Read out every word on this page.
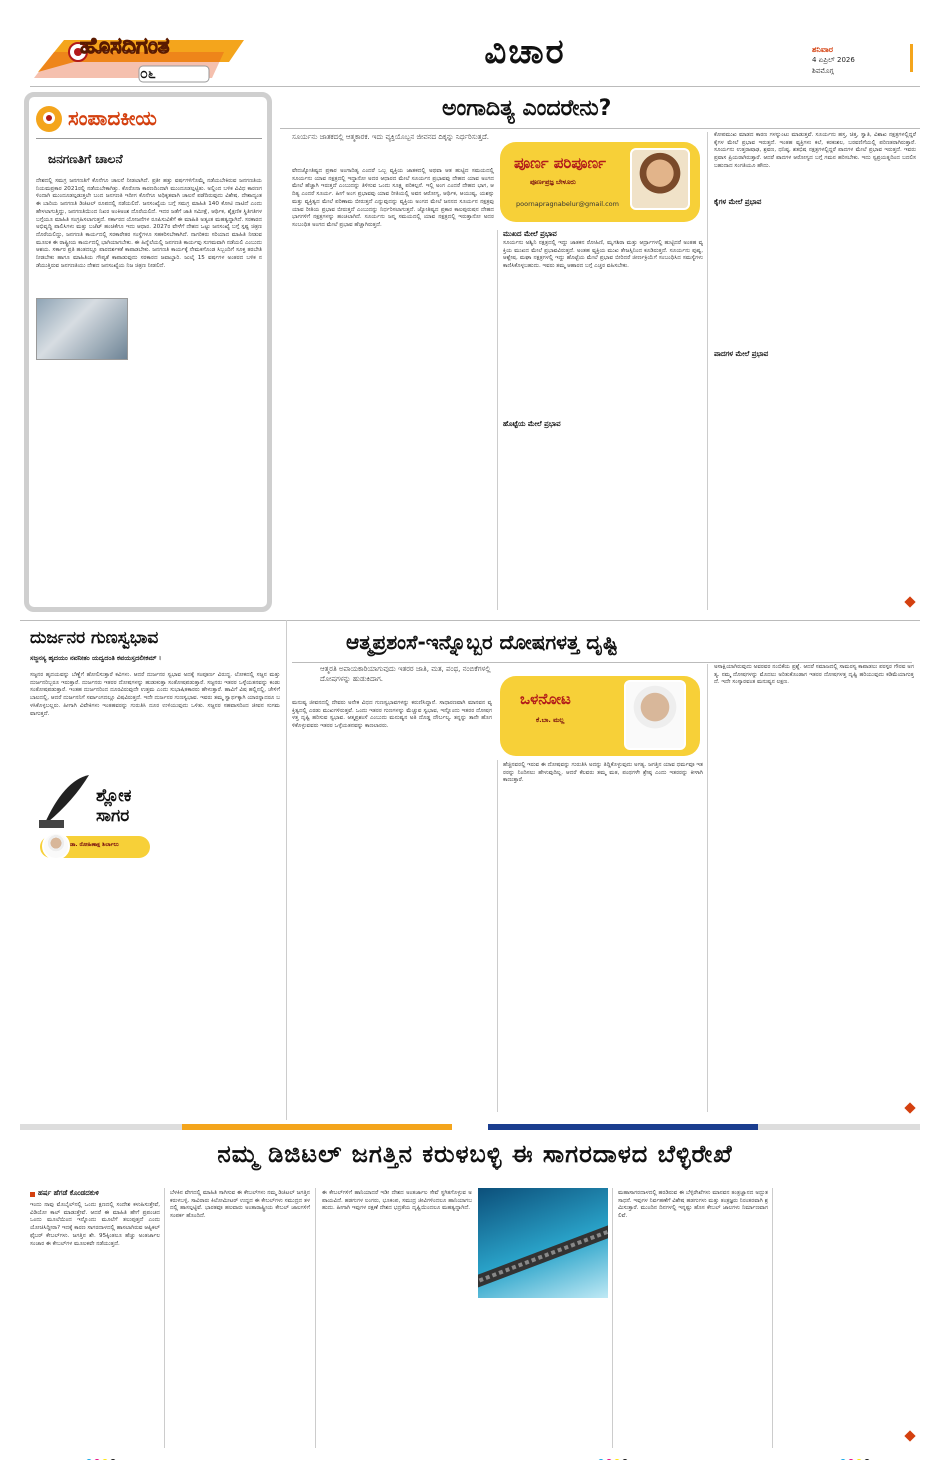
ಹೊಸದಿಗಂತ
೦೬
ವಿಚಾರ	ಶನಿವಾರ
4 ಏಪ್ರಿಲ್ 2026
ಶಿವಮೊಗ್ಗ
ಸಂಪಾದಕೀಯ
ಜನಗಣತಿಗೆ ಚಾಲನೆ
ದೇಶದಲ್ಲಿ ಸಮಗ್ರ ಜನಗಣತಿಗೆ ಕೊನೆಗೂ ಚಾಲನೆ ನೀಡಲಾಗಿದೆ. ಪ್ರತೀ ಹತ್ತು ವರ್ಷಗಳಿಗೊಮ್ಮೆ ನಡೆಯಬೇಕಿರುವ ಜನಗಣತಿಯ ನಿಯಮಪ್ರಕಾರ 2021ರಲ್ಲಿ ನಡೆಯಬೇಕಾಗಿತ್ತು. ಕೊರೊನಾ ಕಾರಣದಿಂದಾಗಿ ಮುಂದೂಡಲ್ಪಟ್ಟಿತು. ಅಲ್ಲಿಂದ ಬಳಿಕ ವಿವಿಧ ಕಾರಣಗಳಿಂದಾಗಿ ಮುಂದೂಡಲ್ಪಡುತ್ತಲೇ ಬಂದ ಜನಗಣತಿ ಇದೀಗ ಕೊನೆಗೂ ಅಧಿಕೃತವಾಗಿ ಚಾಲನೆ ಪಡೆದಿರುವುದು ವಿಶೇಷ. ದೇಶಾದ್ಯಂತ ಈ ಬಾರಿಯ ಜನಗಣತಿ ಡಿಜಿಟಲ್ ರೂಪದಲ್ಲಿ ನಡೆಯಲಿದೆ. ಜನಸಂಖ್ಯೆಯ ಬಗ್ಗೆ ಸಮಗ್ರ ಮಾಹಿತಿ 140 ಕೋಟಿ ದಾಟಿದೆ ಎಂದು ಹೇಳಲಾಗುತ್ತಿದ್ದು, ಜನಗಣತಿಯಿಂದ ನಿಖರ ಅಂಕಿಅಂಶ ದೊರೆಯಲಿದೆ. ಇದರ ಜತೆಗೆ ಜಾತಿ ಸಮೀಕ್ಷೆ, ಆರ್ಥಿಕ, ಶೈಕ್ಷಣಿಕ ಸ್ಥಿತಿಗತಿಗಳ ಬಗ್ಗೆಯೂ ಮಾಹಿತಿ ಸಂಗ್ರಹಿಸಲಾಗುತ್ತದೆ. ಸರ್ಕಾರದ ಯೋಜನೆಗಳ ರೂಪಿಸುವಿಕೆಗೆ ಈ ಮಾಹಿತಿ ಅತ್ಯಂತ ಮಹತ್ವದ್ದಾಗಿದೆ. ಸರಕಾರದ ಅಭಿವೃದ್ಧಿ ಪಾಲಿಸಿಗಳು ಮತ್ತು ಬಜೆಟ್ ಹಂಚಿಕೆಗೂ ಇದು ಆಧಾರ. 2027ರ ವೇಳೆಗೆ ದೇಶದ ಒಟ್ಟು ಜನಸಂಖ್ಯೆ ಬಗ್ಗೆ ಸ್ಪಷ್ಟ ಚಿತ್ರಣ ದೊರೆಯಲಿದ್ದು, ಜನಗಣತಿ ಕಾರ್ಯದಲ್ಲಿ ಸರಕಾರೇತರ ಸಂಸ್ಥೆಗಳೂ ಸಹಕರಿಸಬೇಕಾಗಿದೆ. ನಾಗರಿಕರು ಸರಿಯಾದ ಮಾಹಿತಿ ನೀಡುವ ಮೂಲಕ ಈ ರಾಷ್ಟ್ರೀಯ ಕಾರ್ಯದಲ್ಲಿ ಭಾಗಿಯಾಗಬೇಕು. ಈ ಹಿನ್ನೆಲೆಯಲ್ಲಿ ಜನಗಣತಿ ಕಾರ್ಯವು ಸುಗಮವಾಗಿ ನಡೆಯಲಿ ಎಂಬುದು ಆಶಯ. ಸರ್ಕಾರ ಪ್ರತಿ ಹಂತದಲ್ಲೂ ಪಾರದರ್ಶಕತೆ ಕಾಪಾಡಬೇಕು. ಜನಗಣತಿ ಕಾರ್ಯಕ್ಕೆ ನೇಮಕಗೊಂಡ ಸಿಬ್ಬಂದಿಗೆ ಸೂಕ್ತ ತರಬೇತಿ ನೀಡಬೇಕು ಹಾಗೂ ಮಾಹಿತಿಯ ಗೌಪ್ಯತೆ ಕಾಪಾಡುವುದು ಸರಕಾರದ ಜವಾಬ್ದಾರಿ. ಜುಲೈ 15 ವರ್ಷಗಳ ಅಂತರದ ಬಳಿಕ ನಡೆಯುತ್ತಿರುವ ಜನಗಣತಿಯು ದೇಶದ ಜನಸಂಖ್ಯೆಯ ನಿಜ ಚಿತ್ರಣ ನೀಡಲಿದೆ.
ಅಂಗಾದಿತ್ಯ ಎಂದರೇನು?
ಸೂರ್ಯನು ಜಾತಕದಲ್ಲಿ ಆತ್ಮಕಾರಕ. ಇದು ವ್ಯಕ್ತಿಯೊಬ್ಬನ ಜೀವನದ ದಿಕ್ಕನ್ನು ನಿರ್ಧರಿಸುತ್ತದೆ.
ಪೂರ್ಣ ಪರಿಪೂರ್ಣ
ಪೂರ್ಣಪ್ರಜ್ಞ ಬೇಳೂರು
poornapragnabelur@gmail.com
ವೇದಜ್ಯೋತಿಷ್ಯದ ಪ್ರಕಾರ ಅಂಗಾದಿತ್ಯ ಎಂದರೆ ಒಬ್ಬ ವ್ಯಕ್ತಿಯ ಜಾತಕದಲ್ಲಿ ಅಥವಾ ಆತ ಹುಟ್ಟಿದ ಸಮಯದಲ್ಲಿ ಸೂರ್ಯನು ಯಾವ ನಕ್ಷತ್ರದಲ್ಲಿ ಇದ್ದಾನೋ ಅದರ ಆಧಾರದ ಮೇಲೆ ಸೂರ್ಯನ ಪ್ರಭಾವವು ದೇಹದ ಯಾವ ಅಂಗದ ಮೇಲೆ ಹೆಚ್ಚಾಗಿ ಇರುತ್ತದೆ ಎಂಬುದನ್ನು ತಿಳಿಸುವ ಒಂದು ಸೂಕ್ಷ್ಮ ಪರಿಕಲ್ಪನೆ. ಇಲ್ಲಿ ಅಂಗ ಎಂದರೆ ದೇಹದ ಭಾಗ, ಆದಿತ್ಯ ಎಂದರೆ ಸೂರ್ಯ. ಹೀಗೆ ಅಂಗ ಪ್ರಭಾವವು ಯಾವ ರೀತಿಯಲ್ಲಿ ಅವನ ಆರೋಗ್ಯ, ಆರ್ಥಿಕ, ಆಯುಷ್ಯ, ಯಶಸ್ಸು ಮತ್ತು ವ್ಯಕ್ತಿತ್ವದ ಮೇಲೆ ಪರಿಣಾಮ ಬೀರುತ್ತದೆ ಎನ್ನುವುದನ್ನು ವ್ಯಕ್ತಿಯ ಅಂಗದ ಮೇಲೆ ಜನನದ ಸೂರ್ಯನ ನಕ್ಷತ್ರವು ಯಾವ ರೀತಿಯ ಪ್ರಭಾವ ಬೀರುತ್ತದೆ ಎಂಬುದನ್ನು ನಿರ್ಧರಿಸಲಾಗುತ್ತದೆ. ಜ್ಯೋತಿಷ್ಯದ ಪ್ರಕಾರ ಕಾಲಪುರುಷನ ದೇಹದ ಭಾಗಗಳಿಗೆ ನಕ್ಷತ್ರಗಳನ್ನು ಹಂಚಲಾಗಿದೆ. ಸೂರ್ಯನು ಜನ್ಮ ಸಮಯದಲ್ಲಿ ಯಾವ ನಕ್ಷತ್ರದಲ್ಲಿ ಇರುತ್ತಾನೋ ಅದರ ಸಂಬಂಧಿತ ಅಂಗದ ಮೇಲೆ ಪ್ರಭಾವ ಹೆಚ್ಚಾಗಿರುತ್ತದೆ.
ಮುಖದ ಮೇಲೆ ಪ್ರಭಾವ
ಸೂರ್ಯನು ಅಶ್ವಿನಿ ನಕ್ಷತ್ರದಲ್ಲಿ ಇದ್ದು ಜಾತಕನ ರೋಹಿಣಿ, ಮೃಗಶಿರಾ ಮತ್ತು ಆರ್ದ್ರಾಗಳಲ್ಲಿ ಹುಟ್ಟಿದರೆ ಅಂತಹ ವ್ಯಕ್ತಿಯ ಮುಖದ ಮೇಲೆ ಪ್ರಭಾವವಿರುತ್ತದೆ. ಅಂತಹ ವ್ಯಕ್ತಿಯ ಮುಖ ತೇಜಸ್ಸಿನಿಂದ ಕೂಡಿರುತ್ತದೆ. ಸೂರ್ಯನು ಪುಷ್ಯ, ಆಶ್ಲೇಷ, ಮಘಾ ನಕ್ಷತ್ರಗಳಲ್ಲಿ ಇದ್ದು ಹೊಟ್ಟೆಯ ಮೇಲೆ ಪ್ರಭಾವ ಬೀರಿದರೆ ಜೀರ್ಣಕ್ರಿಯೆಗೆ ಸಂಬಂಧಿಸಿದ ಸಮಸ್ಯೆಗಳು ಕಾಣಿಸಿಕೊಳ್ಳಬಹುದು. ಇವರು ತಮ್ಮ ಆಹಾರದ ಬಗ್ಗೆ ಎಚ್ಚರ ವಹಿಸಬೇಕು.
ಹೊಟ್ಟೆಯ ಮೇಲೆ ಪ್ರಭಾವ
ಕೈಗಳ ಮೇಲೆ ಪ್ರಭಾವ
ಕೋಪಮುಖ ಮಾಡದ ಕಾರಣ ಗಳನ್ನುಂಟು ಮಾಡುತ್ತವೆ. ಸೂರ್ಯನು ಹಸ್ತ, ಚಿತ್ತ, ಸ್ವಾತಿ, ವಿಶಾಖ ನಕ್ಷತ್ರಗಳಲ್ಲಿದ್ದರೆ ಕೈಗಳ ಮೇಲೆ ಪ್ರಭಾವ ಇರುತ್ತದೆ. ಇಂತಹ ವ್ಯಕ್ತಿಗಳು ಕಲೆ, ಕರಕುಶಲ, ಬರವಣಿಗೆಯಲ್ಲಿ ಪರಿಣತರಾಗಿರುತ್ತಾರೆ. ಸೂರ್ಯನು ಉತ್ತರಾಷಾಢ, ಶ್ರವಣ, ಧನಿಷ್ಠ, ಶತಭಿಷ ನಕ್ಷತ್ರಗಳಲ್ಲಿದ್ದರೆ ಪಾದಗಳ ಮೇಲೆ ಪ್ರಭಾವ ಇರುತ್ತದೆ. ಇವರು ಪ್ರವಾಸ ಪ್ರಿಯರಾಗಿರುತ್ತಾರೆ. ಆದರೆ ಪಾದಗಳ ಆರೋಗ್ಯದ ಬಗ್ಗೆ ಗಮನ ಹರಿಸಬೇಕು. ಇದು ಸ್ವಪ್ರಯತ್ನದಿಂದ ಬದಲಿಸಬಹುದಾದ ಸಂಗತಿಯೂ ಹೌದು.
ಪಾದಗಳ ಮೇಲೆ ಪ್ರಭಾವ
ದುರ್ಜನರ ಗುಣಸ್ವಭಾವ
ಸಜ್ಜನಸ್ಯ ಹೃದಯಂ ನವನೀತಂ ಯದ್ವದಂತಿ ಕವಯಸ್ತದಲೀಕಮ್ ।
ಸಜ್ಜನರ ಹೃದಯವನ್ನು ಬೆಣ್ಣೆಗೆ ಹೋಲಿಸುತ್ತಾರೆ ಕವಿಗಳು. ಆದರೆ ದುರ್ಜನರ ಸ್ವಭಾವ ಅದಕ್ಕೆ ಸಂಪೂರ್ಣ ವಿರುದ್ಧ. ಲೋಕದಲ್ಲಿ ಸಜ್ಜನ ಮತ್ತು ದುರ್ಜನರಿಬ್ಬರೂ ಇರುತ್ತಾರೆ. ದುರ್ಜನರು ಇತರರ ದೋಷಗಳನ್ನು ಹುಡುಕುತ್ತಾ ಸಂತೋಷಪಡುತ್ತಾರೆ. ಸಜ್ಜನರು ಇತರರ ಒಳ್ಳೆಯತನವನ್ನು ಕಂಡು ಸಂತೋಷಪಡುತ್ತಾರೆ. ಇಂತಹ ದುರ್ಜನರಿಂದ ದೂರವಿರುವುದೇ ಉತ್ತಮ ಎಂದು ಸುಭಾಷಿತಕಾರರು ಹೇಳುತ್ತಾರೆ. ಹಾವಿಗೆ ವಿಷ ಹಲ್ಲಿನಲ್ಲಿ, ಚೇಳಿಗೆ ಬಾಲದಲ್ಲಿ, ಆದರೆ ದುರ್ಜನನಿಗೆ ಸರ್ವಾಂಗದಲ್ಲೂ ವಿಷವಿರುತ್ತದೆ. ಇದೇ ದುರ್ಜನರ ಗುಣಸ್ವಭಾವ. ಇವರು ತಮ್ಮ ಸ್ವಾರ್ಥಕ್ಕಾಗಿ ಯಾರನ್ನಾದರೂ ಬಳಸಿಕೊಳ್ಳಬಲ್ಲರು. ಹೀಗಾಗಿ ವಿವೇಕಿಗಳು ಇಂತಹವರನ್ನು ಗುರುತಿಸಿ ದೂರ ಉಳಿಯುವುದು ಒಳಿತು. ಸಜ್ಜನರ ಸಹವಾಸದಿಂದ ಜೀವನ ಸುಗಮವಾಗುತ್ತದೆ.
ಶ್ಲೋಕ ಸಾಗರ
ಡಾ. ರೋಹಿಣಾಕ್ಷ ಶಿರ್ಲಾಲು
ಆತ್ಮಪ್ರಶಂಸೆ-ಇನ್ನೊಬ್ಬರ ದೋಷಗಳತ್ತ ದೃಷ್ಟಿ
ಆತ್ಮರತಿ ಅಪಾಯಕಾರಿಯಾಗುವುದು ಇತರರ ಜಾತಿ, ಮತ, ಪಂಥ, ನಂಬಿಕೆಗಳಲ್ಲಿ ದೋಷಗಳನ್ನು ಹುಡುಕಿದಾಗ.
ಒಳನೋಟ
ಕೆ.ಬಾ. ಮಲ್ಲ
ಮನುಷ್ಯ ಜೀವನದಲ್ಲಿ ದೇವರು ಅನೇಕ ವಿಧದ ಗುಣಸ್ವಭಾವಗಳನ್ನು ಕರುಣಿಸಿದ್ದಾನೆ. ಸಾಧಾರಣವಾಗಿ ಮಾನವನ ವ್ಯಕ್ತಿತ್ವದಲ್ಲಿ ಎರಡು ಮುಖಗಳಿರುತ್ತವೆ. ಒಂದು ಇತರರ ಗುಣಗಳನ್ನು ಮೆಚ್ಚುವ ಸ್ವಭಾವ, ಇನ್ನೊಂದು ಇತರರ ದೋಷಗಳತ್ತ ದೃಷ್ಟಿ ಹರಿಸುವ ಸ್ವಭಾವ. ಆತ್ಮಪ್ರಶಂಸೆ ಎಂಬುದು ಮನುಷ್ಯನ ಅತಿ ದೊಡ್ಡ ದೌರ್ಬಲ್ಯ. ತನ್ನನ್ನು ತಾನೇ ಹೊಗಳಿಕೊಳ್ಳುವವರು ಇತರರ ಒಳ್ಳೆಯತನವನ್ನು ಕಾಣಲಾರರು.
ಹೆಚ್ಚಿನವರಲ್ಲಿ ಇರುವ ಈ ದೋಷವನ್ನು ಗುರುತಿಸಿ ಅದನ್ನು ತಿದ್ದಿಕೊಳ್ಳುವುದು ಅಗತ್ಯ. ಜಗತ್ತಿನ ಯಾವ ಧರ್ಮವೂ ಇತರರನ್ನು ನಿಂದಿಸಲು ಹೇಳುವುದಿಲ್ಲ. ಆದರೆ ಕೆಲವರು ತಮ್ಮ ಮತ, ಪಂಥಗಳೇ ಶ್ರೇಷ್ಠ ಎಂದು ಇತರರನ್ನು ಕೀಳಾಗಿ ಕಾಣುತ್ತಾರೆ.
ಅಸಾಕ್ಷಿಯಾಗಿರುವುದು ಅವರವರ ನಂಬಿಕೆಯ ಪ್ರಶ್ನೆ. ಆದರೆ ಸಮಾಜದಲ್ಲಿ ಸಾಮರಸ್ಯ ಕಾಪಾಡಲು ಪರಸ್ಪರ ಗೌರವ ಅಗತ್ಯ. ನಮ್ಮ ದೋಷಗಳನ್ನು ಮೊದಲು ಅರಿತುಕೊಂಡಾಗ ಇತರರ ದೋಷಗಳತ್ತ ದೃಷ್ಟಿ ಹರಿಯುವುದು ಕಡಿಮೆಯಾಗುತ್ತದೆ. ಇದೇ ಸಂಸ್ಕಾರವಂತ ಮನುಷ್ಯನ ಲಕ್ಷಣ.
ನಮ್ಮ ಡಿಜಿಟಲ್ ಜಗತ್ತಿನ ಕರುಳಬಳ್ಳಿ ಈ ಸಾಗರದಾಳದ ಬೆಳ್ಳಿರೇಖೆ
ಹರ್ಷ ಹೆಗಡೆ ಕೊಂಡದಕುಳಿ
ಇಂದು ನಾವು ಮೊಬೈಲ್‌ನಲ್ಲಿ ಒಂದು ಕ್ಷಣದಲ್ಲಿ ಸಂದೇಶ ಕಳುಹಿಸುತ್ತೇವೆ, ವಿಡಿಯೋ ಕಾಲ್ ಮಾಡುತ್ತೇವೆ. ಆದರೆ ಈ ಮಾಹಿತಿ ಹೇಗೆ ಪ್ರಪಂಚದ ಒಂದು ಮೂಲೆಯಿಂದ ಇನ್ನೊಂದು ಮೂಲೆಗೆ ತಲುಪುತ್ತದೆ ಎಂದು ಯೋಚಿಸಿದ್ದೀರಾ? ಇದಕ್ಕೆ ಕಾರಣ ಸಾಗರದಾಳದಲ್ಲಿ ಹಾಸಲಾಗಿರುವ ಆಪ್ಟಿಕಲ್ ಫೈಬರ್ ಕೇಬಲ್‌ಗಳು. ಜಗತ್ತಿನ ಶೇ. 95ಕ್ಕಿಂತಲೂ ಹೆಚ್ಚು ಅಂತರ್ಜಾಲ ಸಂಚಾರ ಈ ಕೇಬಲ್‌ಗಳ ಮೂಲಕವೇ ನಡೆಯುತ್ತದೆ.
ಬೆಳಕಿನ ವೇಗದಲ್ಲಿ ಮಾಹಿತಿ ಸಾಗಿಸುವ ಈ ಕೇಬಲ್‌ಗಳು ನಮ್ಮ ಡಿಜಿಟಲ್ ಜಗತ್ತಿನ ಕರುಳಬಳ್ಳಿ. ಸಾವಿರಾರು ಕಿಲೋಮೀಟರ್ ಉದ್ದದ ಈ ಕೇಬಲ್‌ಗಳು ಸಮುದ್ರದ ತಳದಲ್ಲಿ ಹಾಸಲ್ಪಟ್ಟಿವೆ. ಭಾರತವೂ ಹಲವಾರು ಅಂತಾರಾಷ್ಟ್ರೀಯ ಕೇಬಲ್ ಜಾಲಗಳಿಗೆ ಸಂಪರ್ಕ ಹೊಂದಿದೆ.
ಈ ಕೇಬಲ್‌ಗಳಿಗೆ ಹಾನಿಯಾದರೆ ಇಡೀ ದೇಶದ ಅಂತರ್ಜಾಲ ಸೇವೆ ಸ್ಥಗಿತಗೊಳ್ಳುವ ಅಪಾಯವಿದೆ. ಹಡಗುಗಳ ಲಂಗರು, ಭೂಕಂಪ, ಸಮುದ್ರ ಜೀವಿಗಳಿಂದಲೂ ಹಾನಿಯಾಗಬಹುದು. ಹೀಗಾಗಿ ಇವುಗಳ ರಕ್ಷಣೆ ದೇಶದ ಭದ್ರತೆಯ ದೃಷ್ಟಿಯಿಂದಲೂ ಮಹತ್ವದ್ದಾಗಿದೆ.
ಮಹಾಸಾಗರದಾಳದಲ್ಲಿ ಹರಡಿರುವ ಈ ಬೆಳ್ಳಿರೇಖೆಗಳು ಮಾನವನ ತಂತ್ರಜ್ಞಾನದ ಅದ್ಭುತ ಸಾಧನೆ. ಇವುಗಳ ನಿರ್ವಹಣೆಗೆ ವಿಶೇಷ ಹಡಗುಗಳು ಮತ್ತು ತಂತ್ರಜ್ಞರು ನಿರಂತರವಾಗಿ ಶ್ರಮಿಸುತ್ತಾರೆ. ಮುಂದಿನ ದಿನಗಳಲ್ಲಿ ಇನ್ನಷ್ಟು ಹೊಸ ಕೇಬಲ್ ಜಾಲಗಳು ನಿರ್ಮಾಣವಾಗಲಿವೆ.
